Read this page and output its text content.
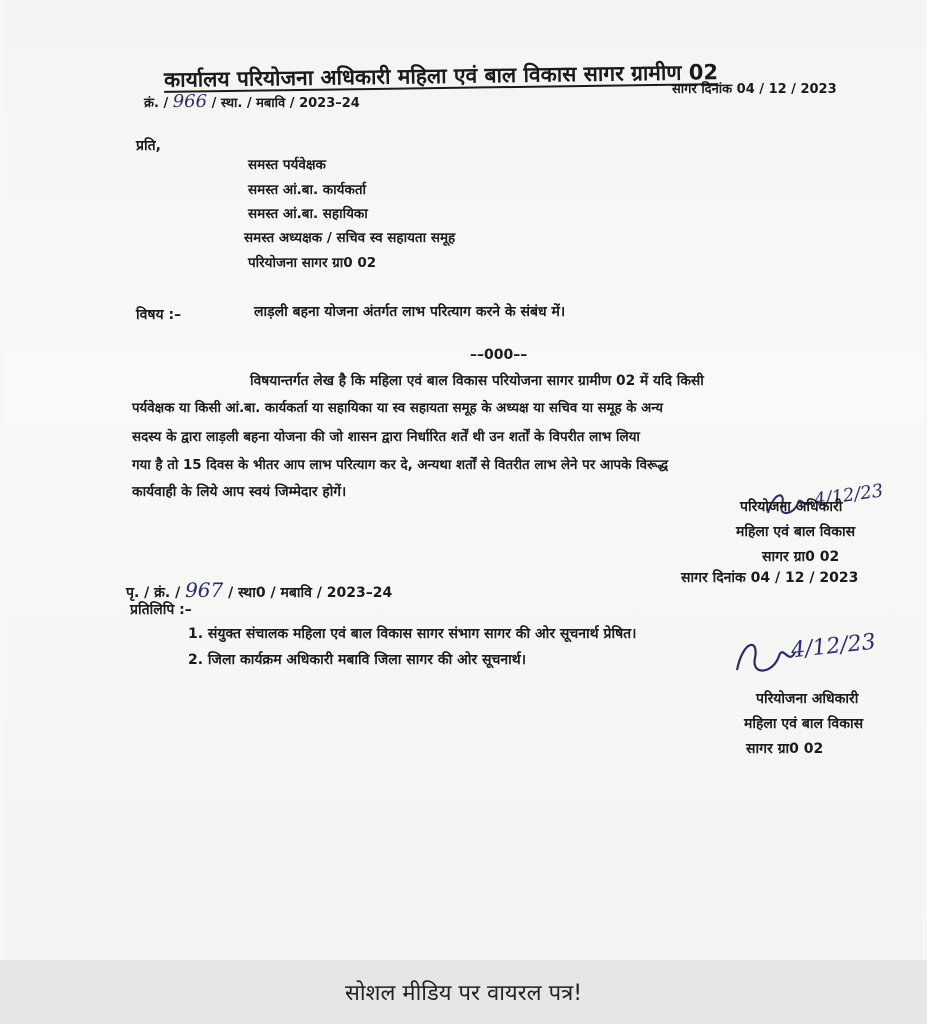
कार्यालय परियोजना अधिकारी महिला एवं बाल विकास सागर ग्रामीण 02
क्रं. / 966 / स्था. / मबावि / 2023–24
सागर दिनांक 04 / 12 / 2023
प्रति,
समस्त पर्यवेक्षक
समस्त आं.बा. कार्यकर्ता
समस्त आं.बा. सहायिका
समस्त अध्यक्षक / सचिव स्व सहायता समूह
परियोजना सागर ग्रा0 02
विषय :–	लाड़ली बहना योजना अंतर्गत लाभ परित्याग करने के संबंध में।
––000––
विषयान्तर्गत लेख है कि महिला एवं बाल विकास परियोजना सागर ग्रामीण 02 में यदि किसी
पर्यवेक्षक या किसी आं.बा. कार्यकर्ता या सहायिका या स्व सहायता समूह के अध्यक्ष या सचिव या समूह के अन्य
सदस्य के द्वारा लाड़ली बहना योजना की जो शासन द्वारा निर्धारित शर्तें थी उन शर्तों के विपरीत लाभ लिया
गया है तो 15 दिवस के भीतर आप लाभ परित्याग कर दे, अन्यथा शर्तों से वितरीत लाभ लेने पर आपके विरूद्ध
कार्यवाही के लिये आप स्वयं जिम्मेदार होगें।	4/12/23
परियोजना अधिकारी
महिला एवं बाल विकास
सागर ग्रा0 02
पृ. / क्रं. / 967 / स्था0 / मबावि / 2023–24
सागर दिनांक 04 / 12 / 2023
प्रतिलिपि :–
1. संयुक्त संचालक महिला एवं बाल विकास सागर संभाग सागर की ओर सूचनार्थ प्रेषित।
2. जिला कार्यक्रम अधिकारी मबावि जिला सागर की ओर सूचनार्थ।	4/12/23
परियोजना अधिकारी
महिला एवं बाल विकास
सागर ग्रा0 02
सोशल मीडिय पर वायरल पत्र!
